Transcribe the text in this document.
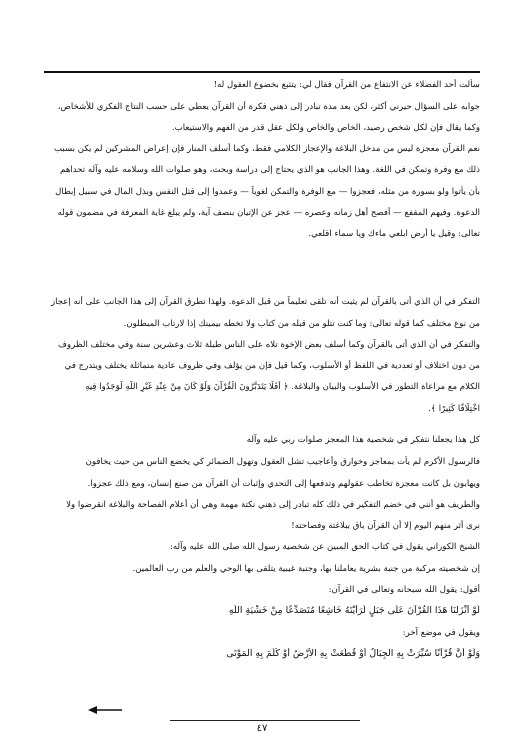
سألت أحد الفضلاء عن الانتفاع من القرآن فقال لي: يتتبع بخضوع العقول له!
جوابه على السؤال حيرني أكثر، لكن بعد مدة تبادر إلى ذهني فكرة أن القرآن يعطي على حسب النتاج الفكري للأشخاص،
وكما يقال فإن لكل شخص رصيد، الخاص والخاص ولكل عقل قدر من الفهم والاستيعاب.
نعم القرآن معجزة ليس من مدخل البلاغة والإعجاز الكلامي فقط، وكما أسلف المنار فإن إعراض المشركين لم يكن بسبب
ذلك مع وفرة وتمكن في اللغة. وهذا الجانب هو الذي يحتاج إلى دراسة وبحث، وهو صلوات الله وسلامه عليه وآله تحداهم
بأن يأتوا ولو بسورة من مثله، فعجزوا — مع الوفرة والتمكن لغوياً — وعمدوا إلى قتل النفس وبذل المال في سبيل إبطال
الدعوة. وفيهم المقفع — أفصح أهل زمانه وعصره — عجز عن الإتيان بنصف آية، ولم يبلغ غاية المعرفة في مضمون قوله
تعالى: وقيل يا أرض ابلعي ماءك ويا سماء اقلعي.
التفكر في أن الذي أتى بالقرآن لم يثبت أنه تلقى تعليماً من قبل الدعوة. ولهذا تطرق القرآن إلى هذا الجانب على أنه إعجاز
من نوع مختلف كما قوله تعالى: وما كنت تتلو من قبله من كتاب ولا تخطه بيمينك إذا لارتاب المبطلون.
والتفكر في أن الذي أتى بالقرآن وكما أسلف بعض الإخوة تلاه على الناس طيلة ثلاث وعشرين سنة وفي مختلف الظروف
من دون اختلاف أو تعددية في اللفظ أو الأسلوب، وكما قيل فإن من يؤلف وفي ظروف عادية متماثلة يختلف ويتدرج في
الكلام مع مراعاة التطور في الأسلوب والبيان والبلاغة. ﴿ أَفَلَا يَتَدَبَّرُونَ الْقُرْآنَ وَلَوْ كَانَ مِنْ عِنْدِ غَيْرِ اللَّهِ لَوَجَدُوا فِيهِ
اخْتِلَافًا كَثِيرًا ﴾.
كل هذا يجعلنا نتفكر في شخصية هذا المعجز صلوات ربي عليه وآله
فالرسول الأكرم لم يأت بمعاجز وخوارق وأعاجيب تشل العقول وتهول الضمائر كي يخضع الناس من حيث يخافون
ويهابون بل كانت معجزة تخاطب عقولهم وتدفعها إلى التحدي وإثبات أن القرآن من صنع إنسان، ومع ذلك عجزوا.
والطريف هو أنني في خضم التفكير في ذلك كله تبادر إلى ذهني نكتة مهمة وهي أن أعلام الفصاحة والبلاغة انقرضوا ولا
نرى أثر منهم اليوم إلا أن القرآن باق ببلاغته وفصاحته!
الشيخ الكوراني يقول في كتاب الحق المبين عن شخصية رسول الله صلى الله عليه وآله:
إن شخصيته مركبة من جنبة بشرية يعاملنا بها، وجنبة غيبية يتلقى بها الوحي والعلم من رب العالمين.
أقول: يقول الله سبحانه وتعالى في القرآن:
لَوْ أَنْزَلْنَا هَذَا الْقُرْآنَ عَلَى جَبَلٍ لَرَأَيْتَهُ خَاشِعًا مُتَصَدِّعًا مِنْ خَشْيَةِ اللَّهِ
ويقول في موضع آخر:
وَلَوْ أَنَّ قُرْآنًا سُيِّرَتْ بِهِ الْجِبَالُ أَوْ قُطِّعَتْ بِهِ الْأَرْضُ أَوْ كُلِّمَ بِهِ الْمَوْتَى
٤٧
